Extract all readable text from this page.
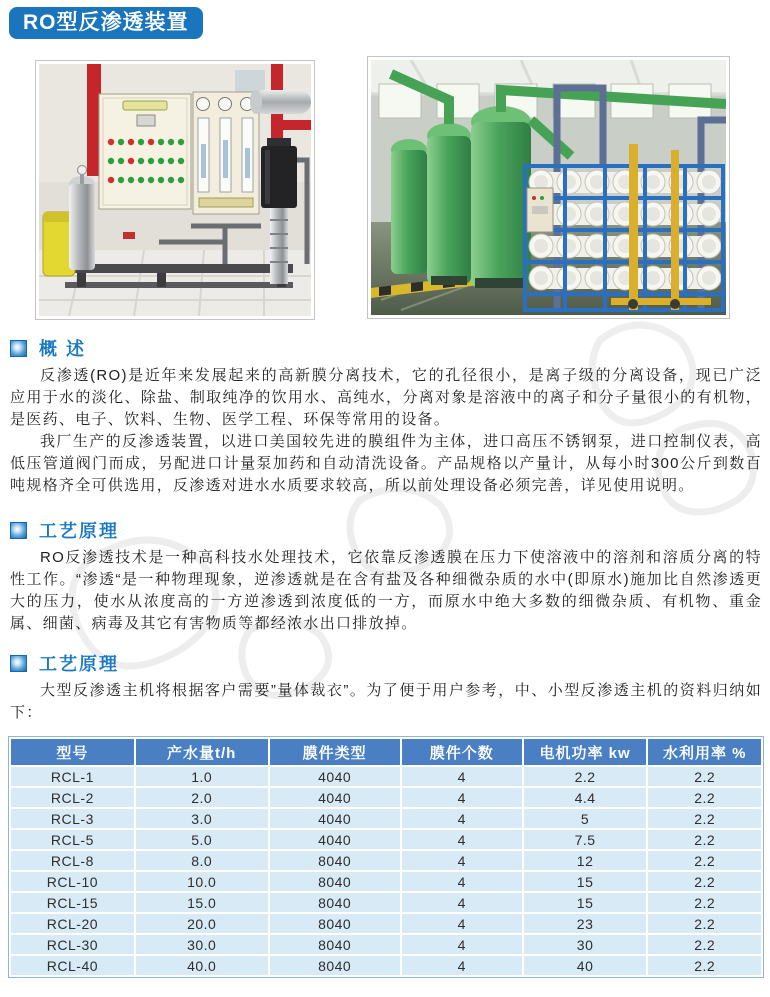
RO型反渗透装置
概 述

反渗透(RO)是近年来发展起来的高新膜分离技术，它的孔径很小，是离子级的分离设备，现已广泛应用于水的淡化、除盐、制取纯净的饮用水、高纯水，分离对象是溶液中的离子和分子量很小的有机物，是医药、电子、饮料、生物、医学工程、环保等常用的设备。

我厂生产的反渗透装置，以进口美国较先进的膜组件为主体，进口高压不锈钢泵，进口控制仪表，高低压管道阀门而成，另配进口计量泵加药和自动清洗设备。产品规格以产量计，从每小时300公斤到数百吨规格齐全可供选用，反渗透对进水水质要求较高，所以前处理设备必须完善，详见使用说明。

工艺原理

RO反渗透技术是一种高科技水处理技术，它依靠反渗透膜在压力下使溶液中的溶剂和溶质分离的特性工作。“渗透“是一种物理现象，逆渗透就是在含有盐及各种细微杂质的水中(即原水)施加比自然渗透更大的压力，使水从浓度高的一方逆渗透到浓度低的一方，而原水中绝大多数的细微杂质、有机物、重金属、细菌、病毒及其它有害物质等都经浓水出口排放掉。

工艺原理

大型反渗透主机将根据客户需要”量体裁衣”。为了便于用户参考，中、小型反渗透主机的资料归纳如下：

型号	产水量t/h	膜件类型	膜件个数	电机功率 kw	水利用率 %
RCL-1	1.0	4040	4	2.2	2.2
RCL-2	2.0	4040	4	4.4	2.2
RCL-3	3.0	4040	4	5	2.2
RCL-5	5.0	4040	4	7.5	2.2
RCL-8	8.0	8040	4	12	2.2
RCL-10	10.0	8040	4	15	2.2
RCL-15	15.0	8040	4	15	2.2
RCL-20	20.0	8040	4	23	2.2
RCL-30	30.0	8040	4	30	2.2
RCL-40	40.0	8040	4	40	2.2
